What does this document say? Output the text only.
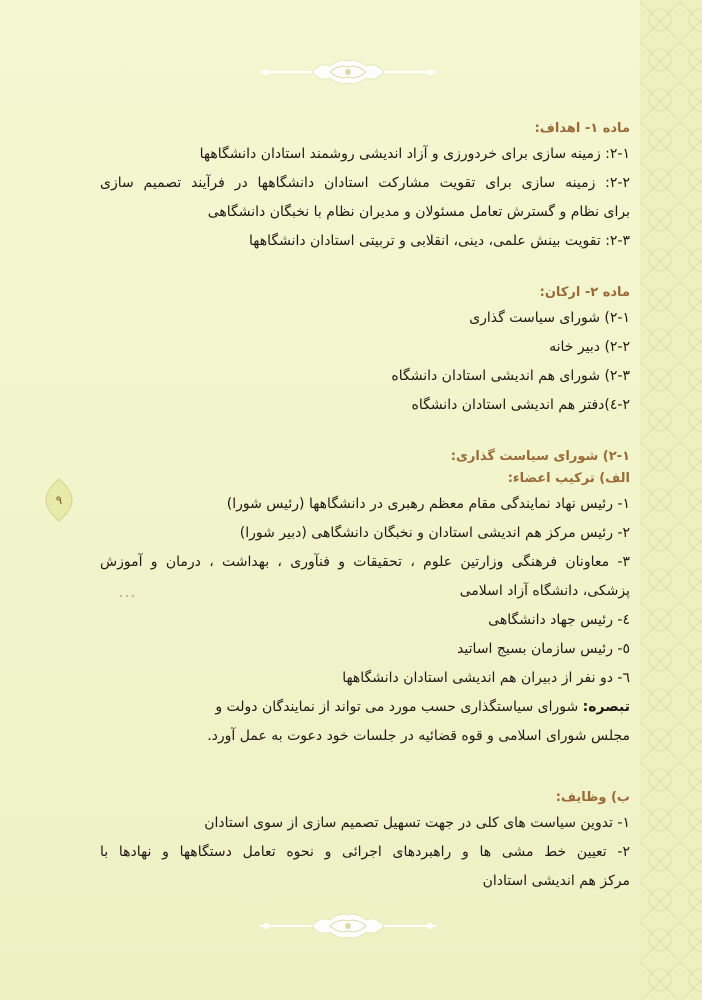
۹

ماده ۱- اهداف:

۲-۱: زمینه سازی برای خردورزی و آزاد اندیشی روشمند استادان دانشگاهها

۲-۲: زمینه سازی برای تقویت مشارکت استادان دانشگاهها در فرآیند تصمیم سازی

برای نظام و گسترش تعامل مسئولان و مدیران نظام با نخبگان دانشگاهی

۲-۳: تقویت بینش علمی، دینی، انقلابی و تربیتی استادان دانشگاهها

ماده ۲- ارکان:

۲-۱) شورای سیاست گذاری

۲-۲) دبیر خانه

۲-۳) شورای هم اندیشی استادان دانشگاه

۲-٤)دفتر هم اندیشی استادان دانشگاه

۲-۱) شورای سیاست گذاری:

الف) ترکیب اعضاء:

۱- رئیس نهاد نمایندگی مقام معظم رهبری در دانشگاهها (رئیس شورا)

۲- رئیس مرکز هم اندیشی استادان و نخبگان دانشگاهی (دبیر شورا)

۳- معاونان فرهنگی وزارتین علوم ، تحقیقات و فنآوری ، بهداشت ، درمان و آموزش

پزشکی، دانشگاه آزاد اسلامی

٤- رئیس جهاد دانشگاهی

٥- رئیس سازمان بسیج اساتید

٦- دو نفر از دبیران هم اندیشی استادان دانشگاهها

تبصره: شورای سیاستگذاری حسب مورد می تواند از نمایندگان دولت و

مجلس شورای اسلامی و قوه قضائیه در جلسات خود دعوت به عمل آورد.

ب) وظایف:

۱- تدوین سیاست های کلی در جهت تسهیل تصمیم سازی از سوی استادان

۲- تعیین خط مشی ها و راهبردهای اجرائی و نحوه تعامل دستگاهها و نهادها با

مرکز هم اندیشی استادان
